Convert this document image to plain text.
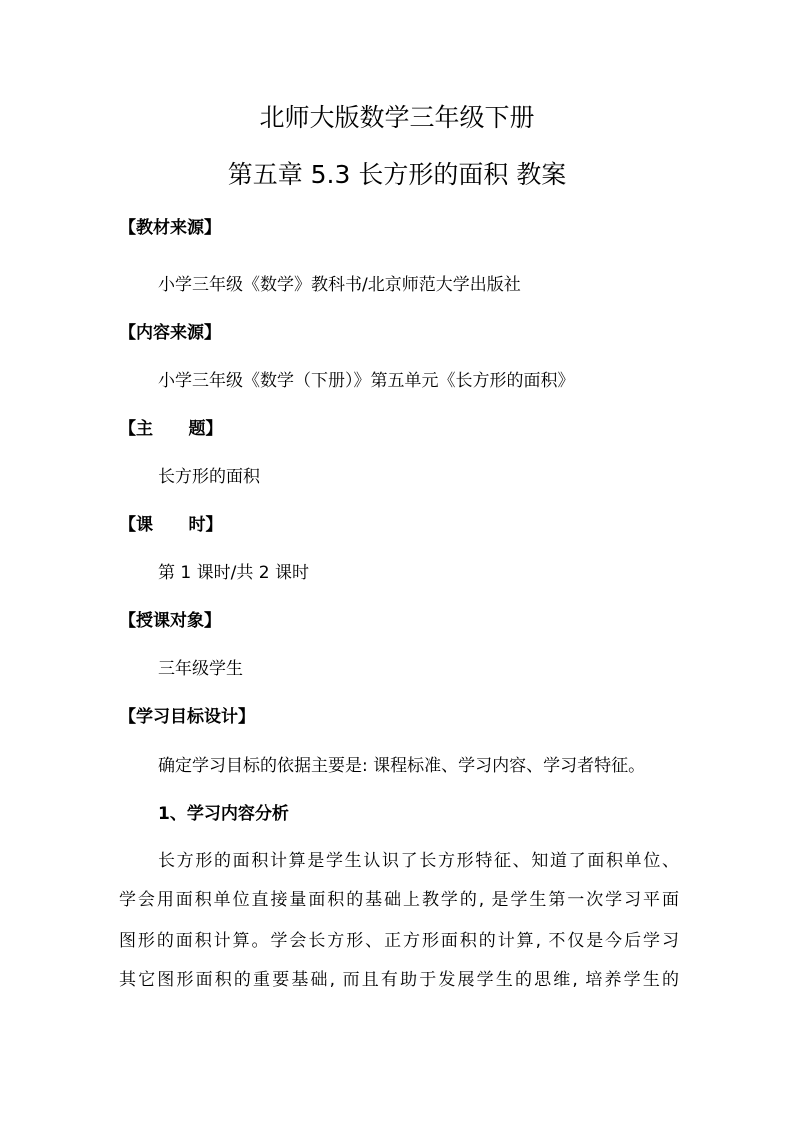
北师大版数学三年级下册
第五章 5.3 长方形的面积 教案
【教材来源】
小学三年级《数学》教科书/北京师范大学出版社
【内容来源】
小学三年级《数学（下册）》第五单元《长方形的面积》
【主      题】
长方形的面积
【课      时】
第 1 课时/共 2 课时
【授课对象】
三年级学生
【学习目标设计】
确定学习目标的依据主要是: 课程标准、学习内容、学习者特征。
1、学习内容分析
长方形的面积计算是学生认识了长方形特征、知道了面积单位、
学会用面积单位直接量面积的基础上教学的, 是学生第一次学习平面
图形的面积计算。学会长方形、正方形面积的计算, 不仅是今后学习
其它图形面积的重要基础, 而且有助于发展学生的思维, 培养学生的
